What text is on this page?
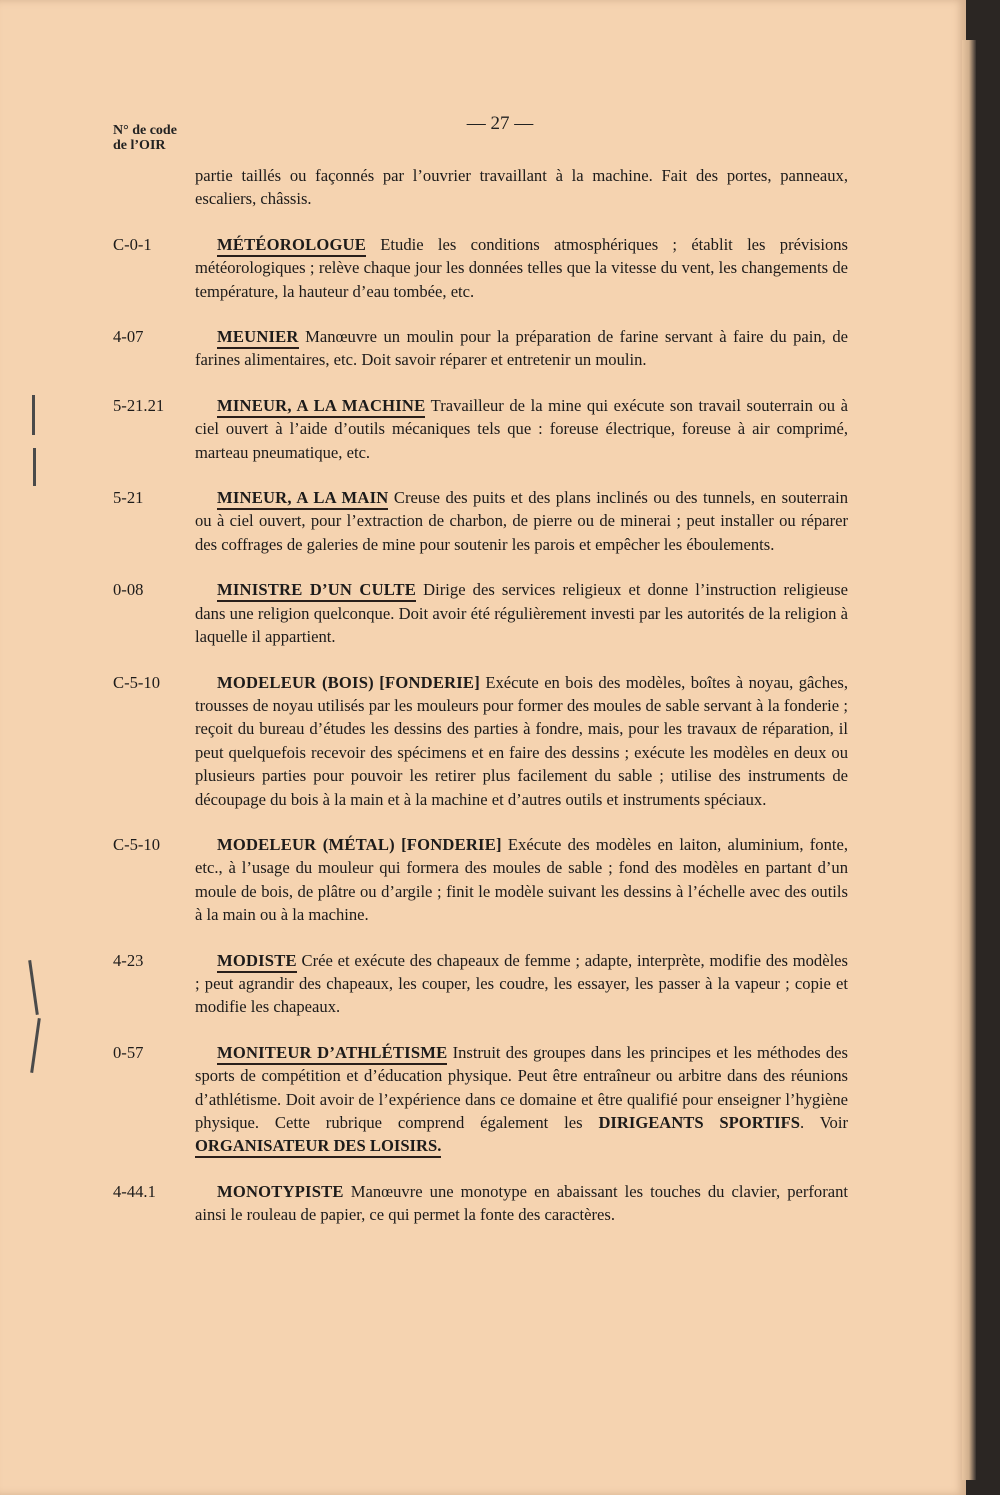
N° de code
de l’OIR
— 27 —
partie taillés ou façonnés par l’ouvrier travaillant à la machine. Fait des portes, panneaux, escaliers, châssis.
C-0-1	MÉTÉOROLOGUE Etudie les conditions atmosphériques ; établit les prévisions météorologiques ; relève chaque jour les données telles que la vitesse du vent, les changements de température, la hauteur d’eau tombée, etc.
4-07	MEUNIER Manœuvre un moulin pour la préparation de farine servant à faire du pain, de farines alimentaires, etc. Doit savoir réparer et entretenir un moulin.
5-21.21	MINEUR, A LA MACHINE Travailleur de la mine qui exécute son travail souterrain ou à ciel ouvert à l’aide d’outils mécaniques tels que : foreuse électrique, foreuse à air comprimé, marteau pneumatique, etc.
5-21	MINEUR, A LA MAIN Creuse des puits et des plans inclinés ou des tunnels, en souterrain ou à ciel ouvert, pour l’extraction de charbon, de pierre ou de minerai ; peut installer ou réparer des coffrages de galeries de mine pour soutenir les parois et empêcher les éboulements.
0-08	MINISTRE D’UN CULTE Dirige des services religieux et donne l’instruction religieuse dans une religion quelconque. Doit avoir été régulièrement investi par les autorités de la religion à laquelle il appartient.
C-5-10	MODELEUR (BOIS) [FONDERIE] Exécute en bois des modèles, boîtes à noyau, gâches, trousses de noyau utilisés par les mouleurs pour former des moules de sable servant à la fonderie ; reçoit du bureau d’études les dessins des parties à fondre, mais, pour les travaux de réparation, il peut quelquefois recevoir des spécimens et en faire des dessins ; exécute les modèles en deux ou plusieurs parties pour pouvoir les retirer plus facilement du sable ; utilise des instruments de découpage du bois à la main et à la machine et d’autres outils et instruments spéciaux.
C-5-10	MODELEUR (MÉTAL) [FONDERIE] Exécute des modèles en laiton, aluminium, fonte, etc., à l’usage du mouleur qui formera des moules de sable ; fond des modèles en partant d’un moule de bois, de plâtre ou d’argile ; finit le modèle suivant les dessins à l’échelle avec des outils à la main ou à la machine.
4-23	MODISTE Crée et exécute des chapeaux de femme ; adapte, interprète, modifie des modèles ; peut agrandir des chapeaux, les couper, les coudre, les essayer, les passer à la vapeur ; copie et modifie les chapeaux.
0-57	MONITEUR D’ATHLÉTISME Instruit des groupes dans les principes et les méthodes des sports de compétition et d’éducation physique. Peut être entraîneur ou arbitre dans des réunions d’athlétisme. Doit avoir de l’expérience dans ce domaine et être qualifié pour enseigner l’hygiène physique. Cette rubrique comprend également les DIRIGEANTS SPORTIFS. Voir ORGANISATEUR DES LOISIRS.
4-44.1	MONOTYPISTE Manœuvre une monotype en abaissant les touches du clavier, perforant ainsi le rouleau de papier, ce qui permet la fonte des caractères.
